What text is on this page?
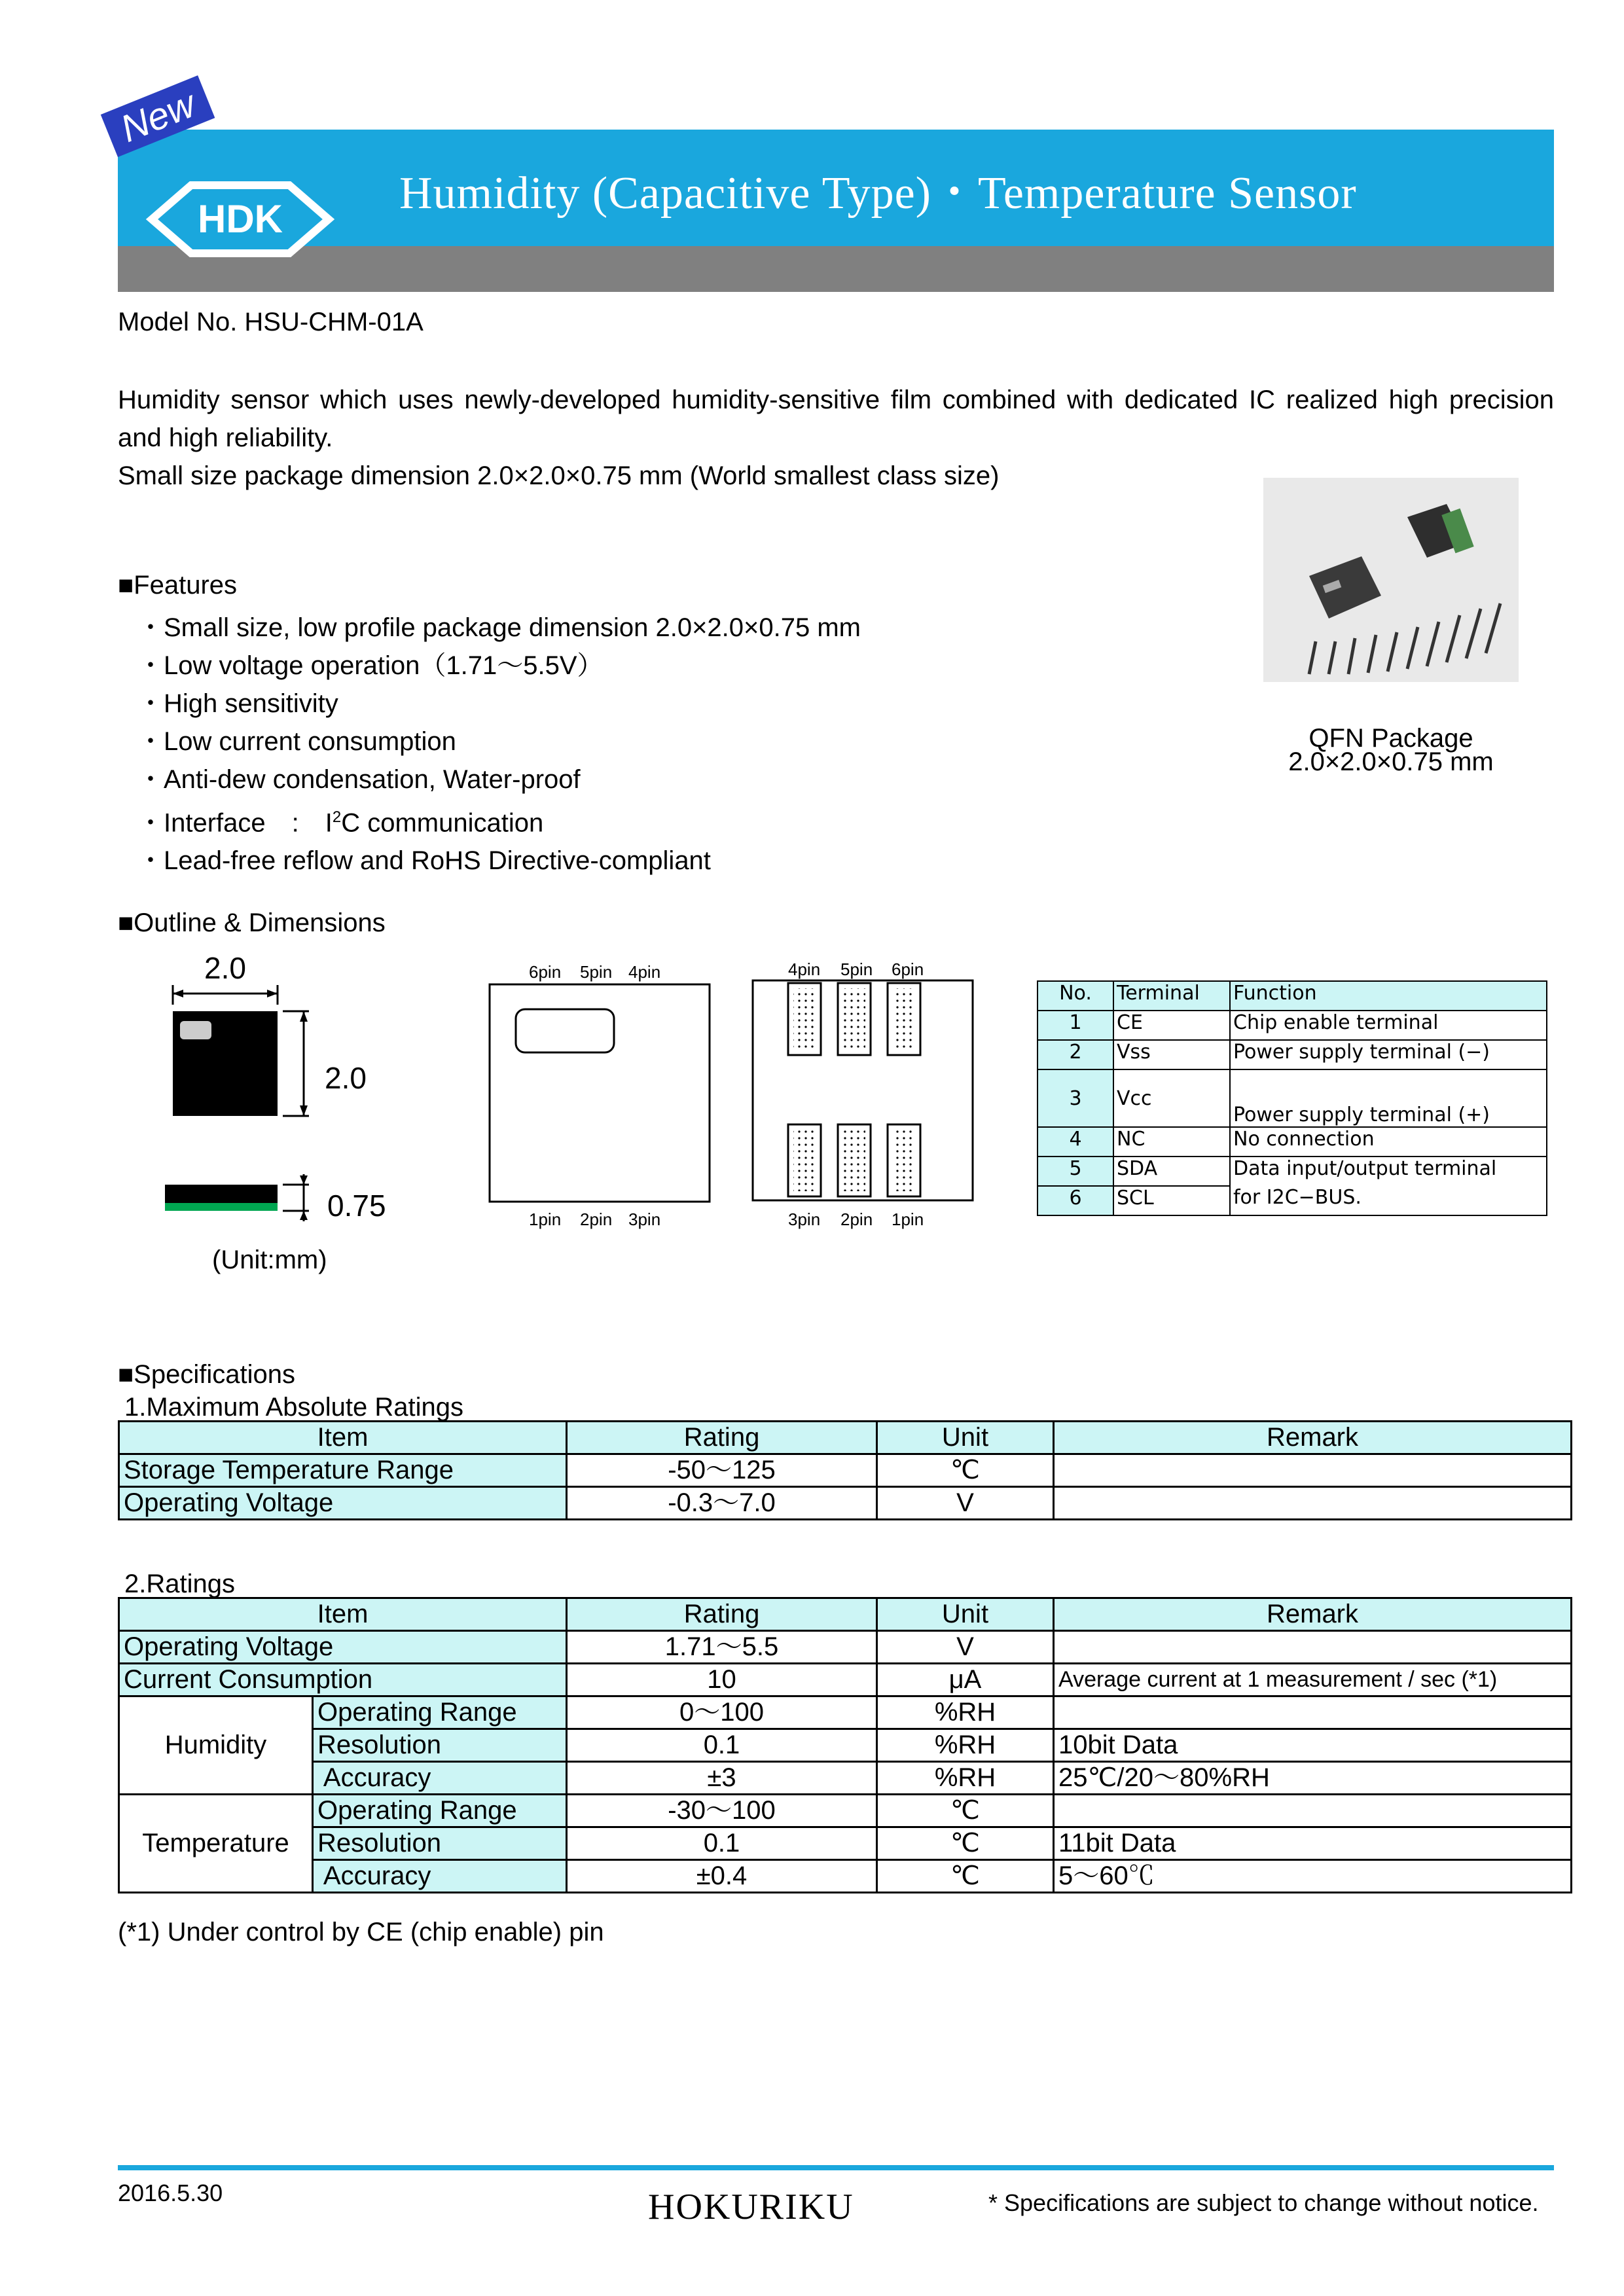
Humidity (Capacitive Type)・Temperature Sensor
HDK
New
Model No. HSU-CHM-01A
Humidity sensor which uses newly-developed humidity-sensitive film combined with dedicated IC realized high precision and high reliability.
Small size package dimension 2.0×2.0×0.75 mm (World smallest class size)
QFN Package
2.0×2.0×0.75 mm
■Features
・Small size, low profile package dimension 2.0×2.0×0.75 mm
・Low voltage operation（1.71～5.5V）
・High sensitivity
・Low current consumption
・Anti-dew condensation, Water-proof
・Interface　:　$I^2C$ communication
・Lead-free reflow and RoHS Directive-compliant
■Outline & Dimensions
2.0
2.0
0.75
(Unit:mm)
6pin 5pin 4pin
1pin 2pin 3pin
4pin 5pin 6pin
3pin 2pin 1pin
No.	Terminal	Function
1	CE	Chip enable terminal
2	Vss	Power supply terminal (−)
3	Vcc	Power supply terminal (+)
4	NC	No connection
5	SDA	Data input/output terminal
6	SCL	for I2C−BUS.
■Specifications
1.Maximum Absolute Ratings
Item	Rating	Unit	Remark
Storage Temperature Range	-50～125	℃	
Operating Voltage	-0.3～7.0	V	
2.Ratings
Item		Rating	Unit	Remark
Operating Voltage		1.71～5.5	V	
Current Consumption		10	μA	Average current at 1 measurement / sec (*1)
Humidity	Operating Range	0～100	%RH	
	Resolution	0.1	%RH	10bit Data
	Accuracy	±3	%RH	25℃/20～80%RH
Temperature	Operating Range	-30～100	℃	
	Resolution	0.1	℃	11bit Data
	Accuracy	±0.4	℃	5～60℃
(*1) Under control by CE (chip enable) pin
2016.5.30	HOKURIKU	* Specifications are subject to change without notice.
